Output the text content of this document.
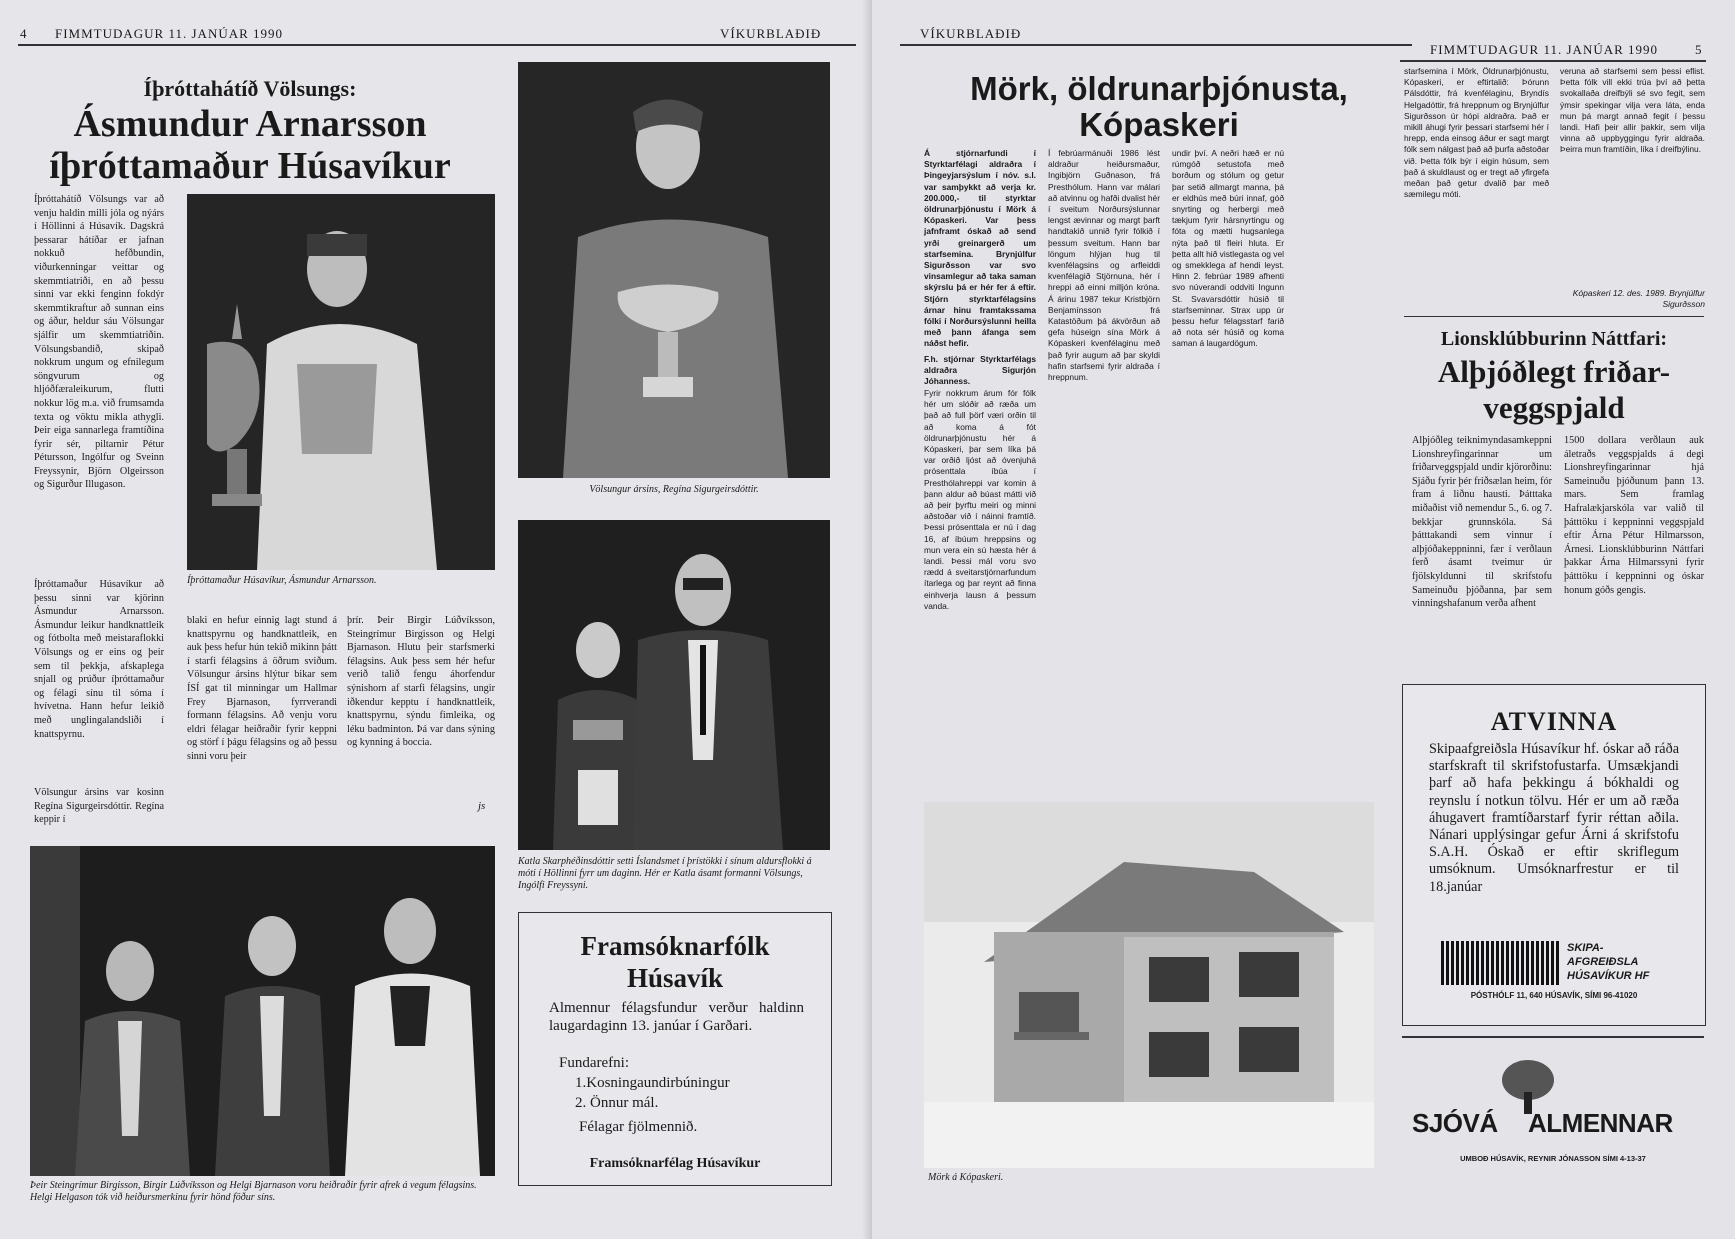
4 FIMMTUDAGUR 11. JANÚAR 1990	VÍKURBLAÐIÐ
Íþróttahátíð Völsungs:
Ásmundur Arnarsson
íþróttamaður Húsavíkur
Íþróttahátíð Völsungs var að venju haldin milli jóla og nýárs í Höllinni á Húsavík. Dagskrá þessarar hátíðar er jafnan nokkuð hefðbundin, viðurkenningar veittar og skemmtiatriði, en að þessu sinni var ekki fenginn fokdýr skemmtikraftur að sunnan eins og áður, heldur sáu Völsungar sjálfir um skemmtiatriðin. Völsungsbandið, skipað nokkrum ungum og efnilegum söngvurum og hljóðfæraleikurum, flutti nokkur lög m.a. við frumsamda texta og vöktu mikla athygli. Þeir eiga sannarlega framtíðina fyrir sér, piltarnir Pétur Pétursson, Ingólfur og Sveinn Freyssynir, Björn Olgeirsson og Sigurður Illugason.
Íþróttamaður Húsavíkur að þessu sinni var kjörinn Ásmundur Arnarsson. Ásmundur leikur handknattleik og fótbolta með meistaraflokki Völsungs og er eins og þeir sem til þekkja, afskaplega snjall og prúður íþróttamaður og félagi sínu til sóma í hvívetna. Hann hefur leikið með unglingalandsliði í knattspyrnu.
Völsungur ársins var kosinn Regína Sigurgeirsdóttir. Regína keppir í
Íþróttamaður Húsavíkur, Ásmundur Arnarsson.
blaki en hefur einnig lagt stund á knattspyrnu og handknattleik, en auk þess hefur hún tekið mikinn þátt í starfi félagsins á öðrum sviðum. Völsungur ársins hlýtur bikar sem ÍSÍ gat til minningar um Hallmar Frey Bjarnason, fyrrverandi formann félagsins. Að venju voru eldri félagar heiðraðir fyrir keppni og störf í þágu félagsins og að þessu sinni voru þeir
þrír. Þeir Birgir Lúðvíksson, Steingrímur Birgisson og Helgi Bjarnason. Hlutu þeir starfsmerki félagsins. Auk þess sem hér hefur verið talið fengu áhorfendur sýnishorn af starfi félagsins, ungir iðkendur kepptu í handknattleik, knattspyrnu, sýndu fimleika, og léku badminton. Þá var dans sýning og kynning á boccia.
js
Völsungur ársins, Regína Sigurgeirsdóttir.
Katla Skarphéðinsdóttir setti Íslandsmet í þrístökki í sínum aldursflokki á móti í Höllinni fyrr um daginn. Hér er Katla ásamt formanni Völsungs, Ingólfi Freyssyni.
Þeir Steingrímur Birgisson, Birgir Lúðvíksson og Helgi Bjarnason voru heiðraðir fyrir afrek á vegum félagsins. Helgi Helgason tók við heiðursmerkinu fyrir hönd föður síns.
Framsóknarfólk
Húsavík
Almennur félagsfundur verður haldinn laugardaginn 13. janúar í Garðari.
Fundarefni:
1.Kosningaundirbúningur
2. Önnur mál.
Félagar fjölmennið.
Framsóknarfélag Húsavíkur
VÍKURBLAÐIÐ
FIMMTUDAGUR 11. JANÚAR 1990	5
Mörk, öldrunarþjónusta,
Kópaskeri
Á stjórnarfundi í Styrktarfélagi aldraðra í Þingeyjarsýslum í nóv. s.l. var samþykkt að verja kr. 200.000,- til styrktar öldrunarþjónustu í Mörk á Kópaskeri. Var þess jafnframt óskað að send yrði greinargerð um starfsemina. Brynjúlfur Sigurðsson var svo vinsamlegur að taka saman skýrslu þá er hér fer á eftir. Stjórn styrktarfélagsins árnar hinu framtakssama fólki í Norðursýslunni heilla með þann áfanga sem náðst hefir.
F.h. stjórnar Styrktarfélags aldraðra Sigurjón Jóhanness.
Fyrir nokkrum árum fór fólk hér um slóðir að ræða um það að full þörf væri orðin til að koma á fót öldrunarþjónustu hér á Kópaskeri, þar sem líka þá var orðið ljóst að óvenjuhá prósenttala íbúa í Presthólahreppi var komin á þann aldur að búast mátti við að þeir þyrftu meiri og minni aðstoðar við í náinni framtíð. Þessi prósenttala er nú í dag 16, af íbúum hreppsins og mun vera ein sú hæsta hér á landi. Þessi mál voru svo rædd á sveitarstjórnarfundum ítarlega og þar reynt að finna einhverja lausn á þessum vanda.
Í febrúarmánuði 1986 lést aldraður heiðursmaður, Ingibjörn Guðnason, frá Presthólum. Hann var málari að atvinnu og hafði dvalist hér í sveitum Norðursýslunnar lengst ævinnar og margt þarft handtakið unnið fyrir fólkið í þessum sveitum. Hann bar löngum hlýjan hug til kvenfélagsins og arfleiddi kvenfélagið Stjörnuna, hér í hreppi að einni milljón króna. Á árinu 1987 tekur Kristbjörn Benjamínsson frá Katastöðum þá ákvörðun að gefa húseign sína Mörk á Kópaskeri kvenfélaginu með það fyrir augum að þar skyldi hafin starfsemi fyrir aldraða í hreppnum.
undir því. A neðri hæð er nú rúmgóð setustofa með borðum og stólum og getur þar setið allmargt manna, þá er eldhús með búri innaf, góð snyrting og herbergi með tækjum fyrir hársnyrtingu og fóta og mætti hugsanlega nýta það til fleiri hluta. Er þetta allt hið vistlegasta og vel og smekklega af hendi leyst. Hinn 2. febrúar 1989 afhenti svo núverandi oddviti Ingunn St. Svavarsdóttir húsið til starfseminnar. Strax upp úr þessu hefur félagsstarf farið að nota sér húsið og koma saman á laugardögum.
Mörk á Kópaskeri.
starfsemina í Mörk, Öldrunarþjónustu, Kópaskeri, er eftirtalið: Þórunn Pálsdóttir, frá kvenfélaginu, Bryndís Helgadóttir, frá hreppnum og Brynjúlfur Sigurðsson úr hópi aldraðra. Það er mikill áhugi fyrir þessari starfsemi hér í hrepp, enda einsog áður er sagt margt fólk sem nálgast það að þurfa aðstoðar við. Þetta fólk býr í eigin húsum, sem það á skuldlaust og er tregt að yfirgefa meðan það getur dvalið þar með sæmilegu móti.
veruna að starfsemi sem þessi eflist. Þetta fólk vill ekki trúa því að þetta svokallaða dreifbýli sé svo fegit, sem ýmsir spekingar vilja vera láta, enda mun þá margt annað fegit í þessu landi. Hafi þeir allir þakkir, sem vilja vinna að uppbyggingu fyrir aldraða. Þeirra mun framtíðin, líka í dreifbýlinu.
Kópaskeri 12. des. 1989. Brynjúlfur Sigurðsson
Lionsklúbburinn Náttfari:
Alþjóðlegt friðar-
veggspjald
Alþjóðleg teiknimyndasamkeppni Lionshreyfingarinnar um friðarveggspjald undir kjörorðinu: Sjáðu fyrir þér friðsælan heim, fór fram á liðnu hausti. Þátttaka miðaðist við nemendur 5., 6. og 7. bekkjar grunnskóla. Sá þátttakandi sem vinnur í alþjóðakeppninni, fær í verðlaun ferð ásamt tveimur úr fjölskyldunni til skrifstofu Sameinuðu þjóðanna, þar sem vinningshafanum verða afhent
1500 dollara verðlaun auk áletraðs veggspjalds á degi Lionshreyfingarinnar hjá Sameinuðu þjóðunum þann 13. mars. Sem framlag Hafralækjarskóla var valið til þátttöku í keppninni veggspjald eftir Árna Pétur Hilmarsson, Árnesi. Lionsklúbburinn Náttfari þakkar Árna Hilmarssyni fyrir þátttöku í keppninni og óskar honum góðs gengis.
ATVINNA
Skipaafgreiðsla Húsavíkur hf. óskar að ráða starfskraft til skrifstofustarfa. Umsækjandi þarf að hafa þekkingu á bókhaldi og reynslu í notkun tölvu. Hér er um að ræða áhugavert framtíðarstarf fyrir réttan aðila. Nánari upplýsingar gefur Árni á skrifstofu S.A.H. Óskað er eftir skriflegum umsóknum. Umsóknarfrestur er til 18.janúar
SKIPA-
AFGREIÐSLA
HÚSAVÍKUR HF
PÓSTHÓLF 11, 640 HÚSAVÍK, SÍMI 96-41020
SJÓVÁ ALMENNAR
UMBOÐ HÚSAVÍK, REYNIR JÓNASSON SÍMI 4-13-37
